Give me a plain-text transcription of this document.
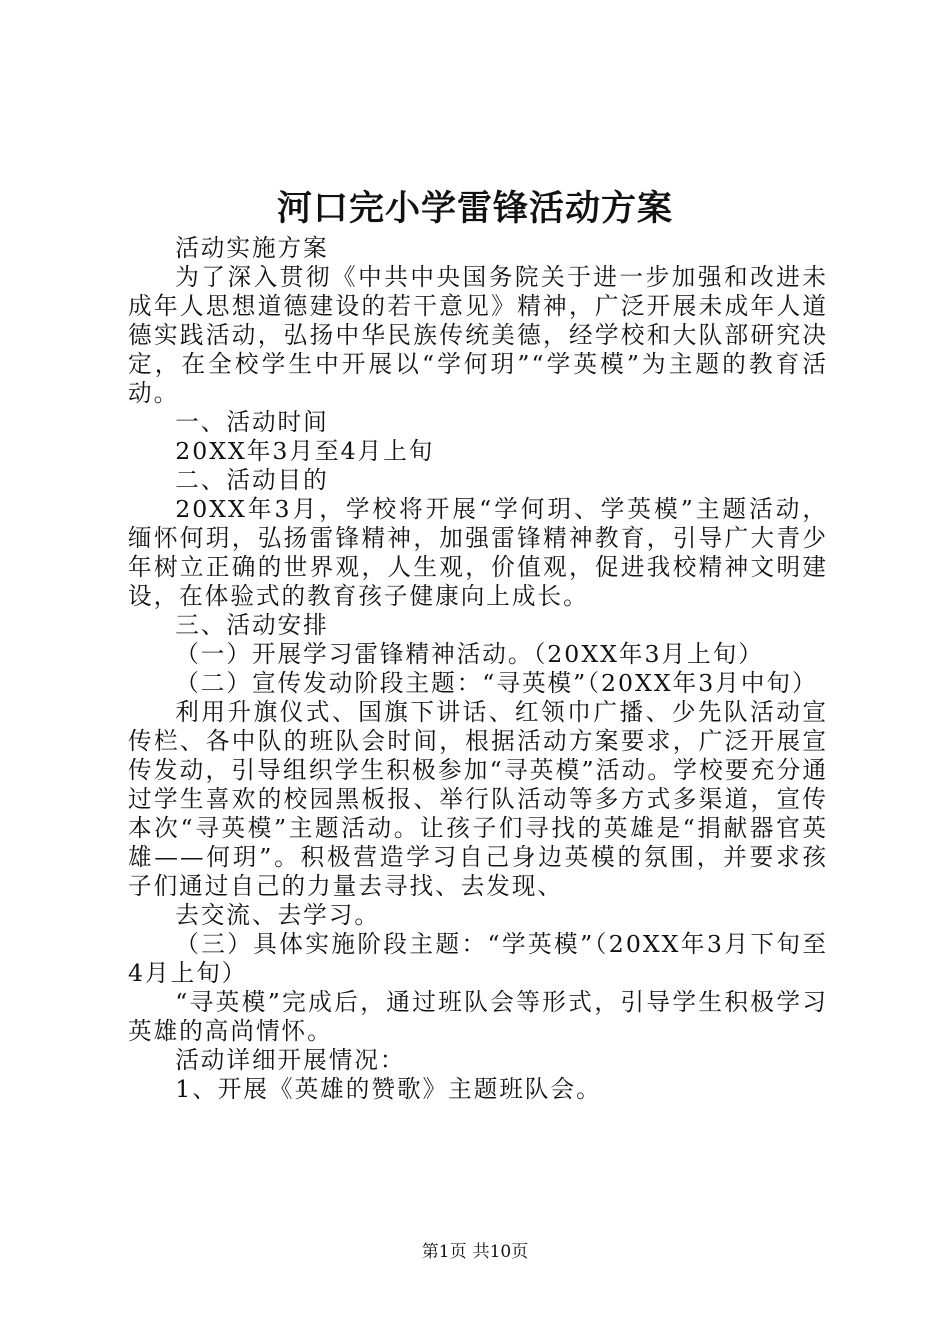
河口完小学雷锋活动方案

活动实施方案

为了深入贯彻《中共中央国务院关于进一步加强和改进未成年人思想道德建设的若干意见》精神，广泛开展未成年人道德实践活动，弘扬中华民族传统美德，经学校和大队部研究决定，在全校学生中开展以“学何玥”“学英模”为主题的教育活动。

一、活动时间

20XX年3月至4月上旬

二、活动目的

20XX年3月，学校将开展“学何玥、学英模”主题活动，缅怀何玥，弘扬雷锋精神，加强雷锋精神教育，引导广大青少年树立正确的世界观，人生观，价值观，促进我校精神文明建设，在体验式的教育孩子健康向上成长。

三、活动安排

（一）开展学习雷锋精神活动。（20XX年3月上旬）

（二）宣传发动阶段主题：“寻英模”（20XX年3月中旬）

利用升旗仪式、国旗下讲话、红领巾广播、少先队活动宣传栏、各中队的班队会时间，根据活动方案要求，广泛开展宣传发动，引导组织学生积极参加“寻英模”活动。学校要充分通过学生喜欢的校园黑板报、举行队活动等多方式多渠道，宣传本次“寻英模”主题活动。让孩子们寻找的英雄是“捐献器官英雄——何玥”。积极营造学习自己身边英模的氛围，并要求孩子们通过自己的力量去寻找、去发现、

去交流、去学习。

（三）具体实施阶段主题：“学英模”（20XX年3月下旬至4月上旬）

“寻英模”完成后，通过班队会等形式，引导学生积极学习英雄的高尚情怀。

活动详细开展情况：

1、开展《英雄的赞歌》主题班队会。

第1页 共10页
